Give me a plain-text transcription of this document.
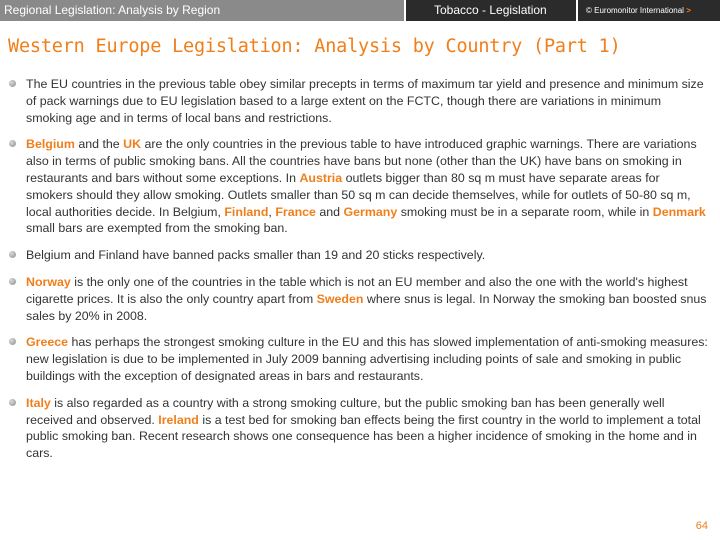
Regional Legislation: Analysis by Region	Tobacco - Legislation	© Euromonitor International >
Western Europe Legislation: Analysis by Country (Part 1)
The EU countries in the previous table obey similar precepts in terms of maximum tar yield and presence and minimum size of pack warnings due to EU legislation based to a large extent on the FCTC, though there are variations in minimum smoking age and in terms of local bans and restrictions.
Belgium and the UK are the only countries in the previous table to have introduced graphic warnings. There are variations also in terms of public smoking bans. All the countries have bans but none (other than the UK) have bans on smoking in restaurants and bars without some exceptions. In Austria outlets bigger than 80 sq m must have separate areas for smokers should they allow smoking. Outlets smaller than 50 sq m can decide themselves, while for outlets of 50-80 sq m, local authorities decide. In Belgium, Finland, France and Germany smoking must be in a separate room, while in Denmark small bars are exempted from the smoking ban.
Belgium and Finland have banned packs smaller than 19 and 20 sticks respectively.
Norway is the only one of the countries in the table which is not an EU member and also the one with the world's highest cigarette prices. It is also the only country apart from Sweden where snus is legal. In Norway the smoking ban boosted snus sales by 20% in 2008.
Greece has perhaps the strongest smoking culture in the EU and this has slowed implementation of anti-smoking measures: new legislation is due to be implemented in July 2009 banning advertising including points of sale and smoking in public buildings with the exception of designated areas in bars and restaurants.
Italy is also regarded as a country with a strong smoking culture, but the public smoking ban has been generally well received and observed. Ireland is a test bed for smoking ban effects being the first country in the world to implement a total public smoking ban. Recent research shows one consequence has been a higher incidence of smoking in the home and in cars.
64
